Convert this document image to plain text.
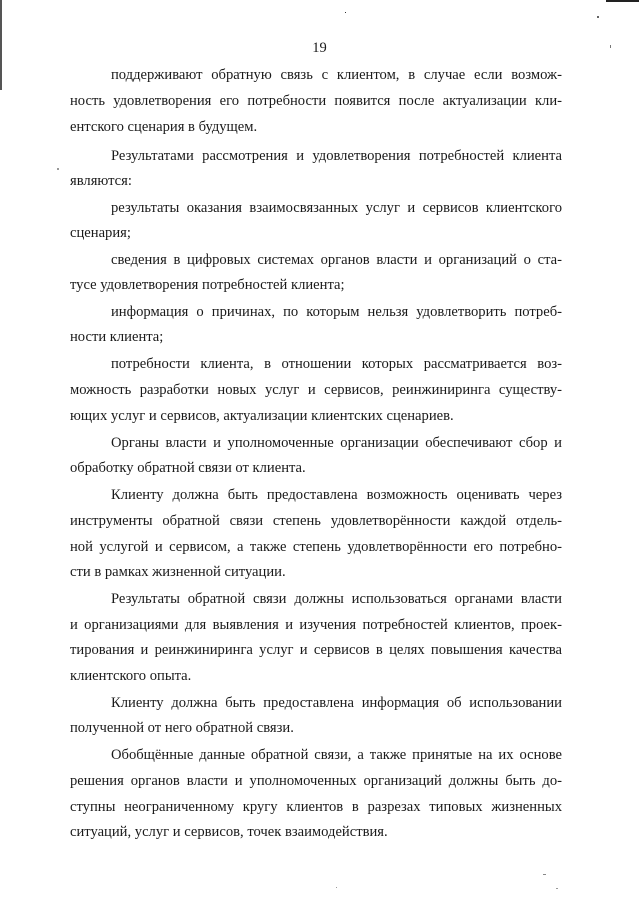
19
поддерживают обратную связь с клиентом, в случае если возмож-
ность удовлетворения его потребности появится после актуализации кли-
ентского сценария в будущем.
Результатами рассмотрения и удовлетворения потребностей клиента
являются:
результаты оказания взаимосвязанных услуг и сервисов клиентского
сценария;
сведения в цифровых системах органов власти и организаций о ста-
тусе удовлетворения потребностей клиента;
информация о причинах, по которым нельзя удовлетворить потреб-
ности клиента;
потребности клиента, в отношении которых рассматривается воз-
можность разработки новых услуг и сервисов, реинжиниринга существу-
ющих услуг и сервисов, актуализации клиентских сценариев.
Органы власти и уполномоченные организации обеспечивают сбор и
обработку обратной связи от клиента.
Клиенту должна быть предоставлена возможность оценивать через
инструменты обратной связи степень удовлетворённости каждой отдель-
ной услугой и сервисом, а также степень удовлетворённости его потребно-
сти в рамках жизненной ситуации.
Результаты обратной связи должны использоваться органами власти
и организациями для выявления и изучения потребностей клиентов, проек-
тирования и реинжиниринга услуг и сервисов в целях повышения качества
клиентского опыта.
Клиенту должна быть предоставлена информация об использовании
полученной от него обратной связи.
Обобщённые данные обратной связи, а также принятые на их основе
решения органов власти и уполномоченных организаций должны быть до-
ступны неограниченному кругу клиентов в разрезах типовых жизненных
ситуаций, услуг и сервисов, точек взаимодействия.
